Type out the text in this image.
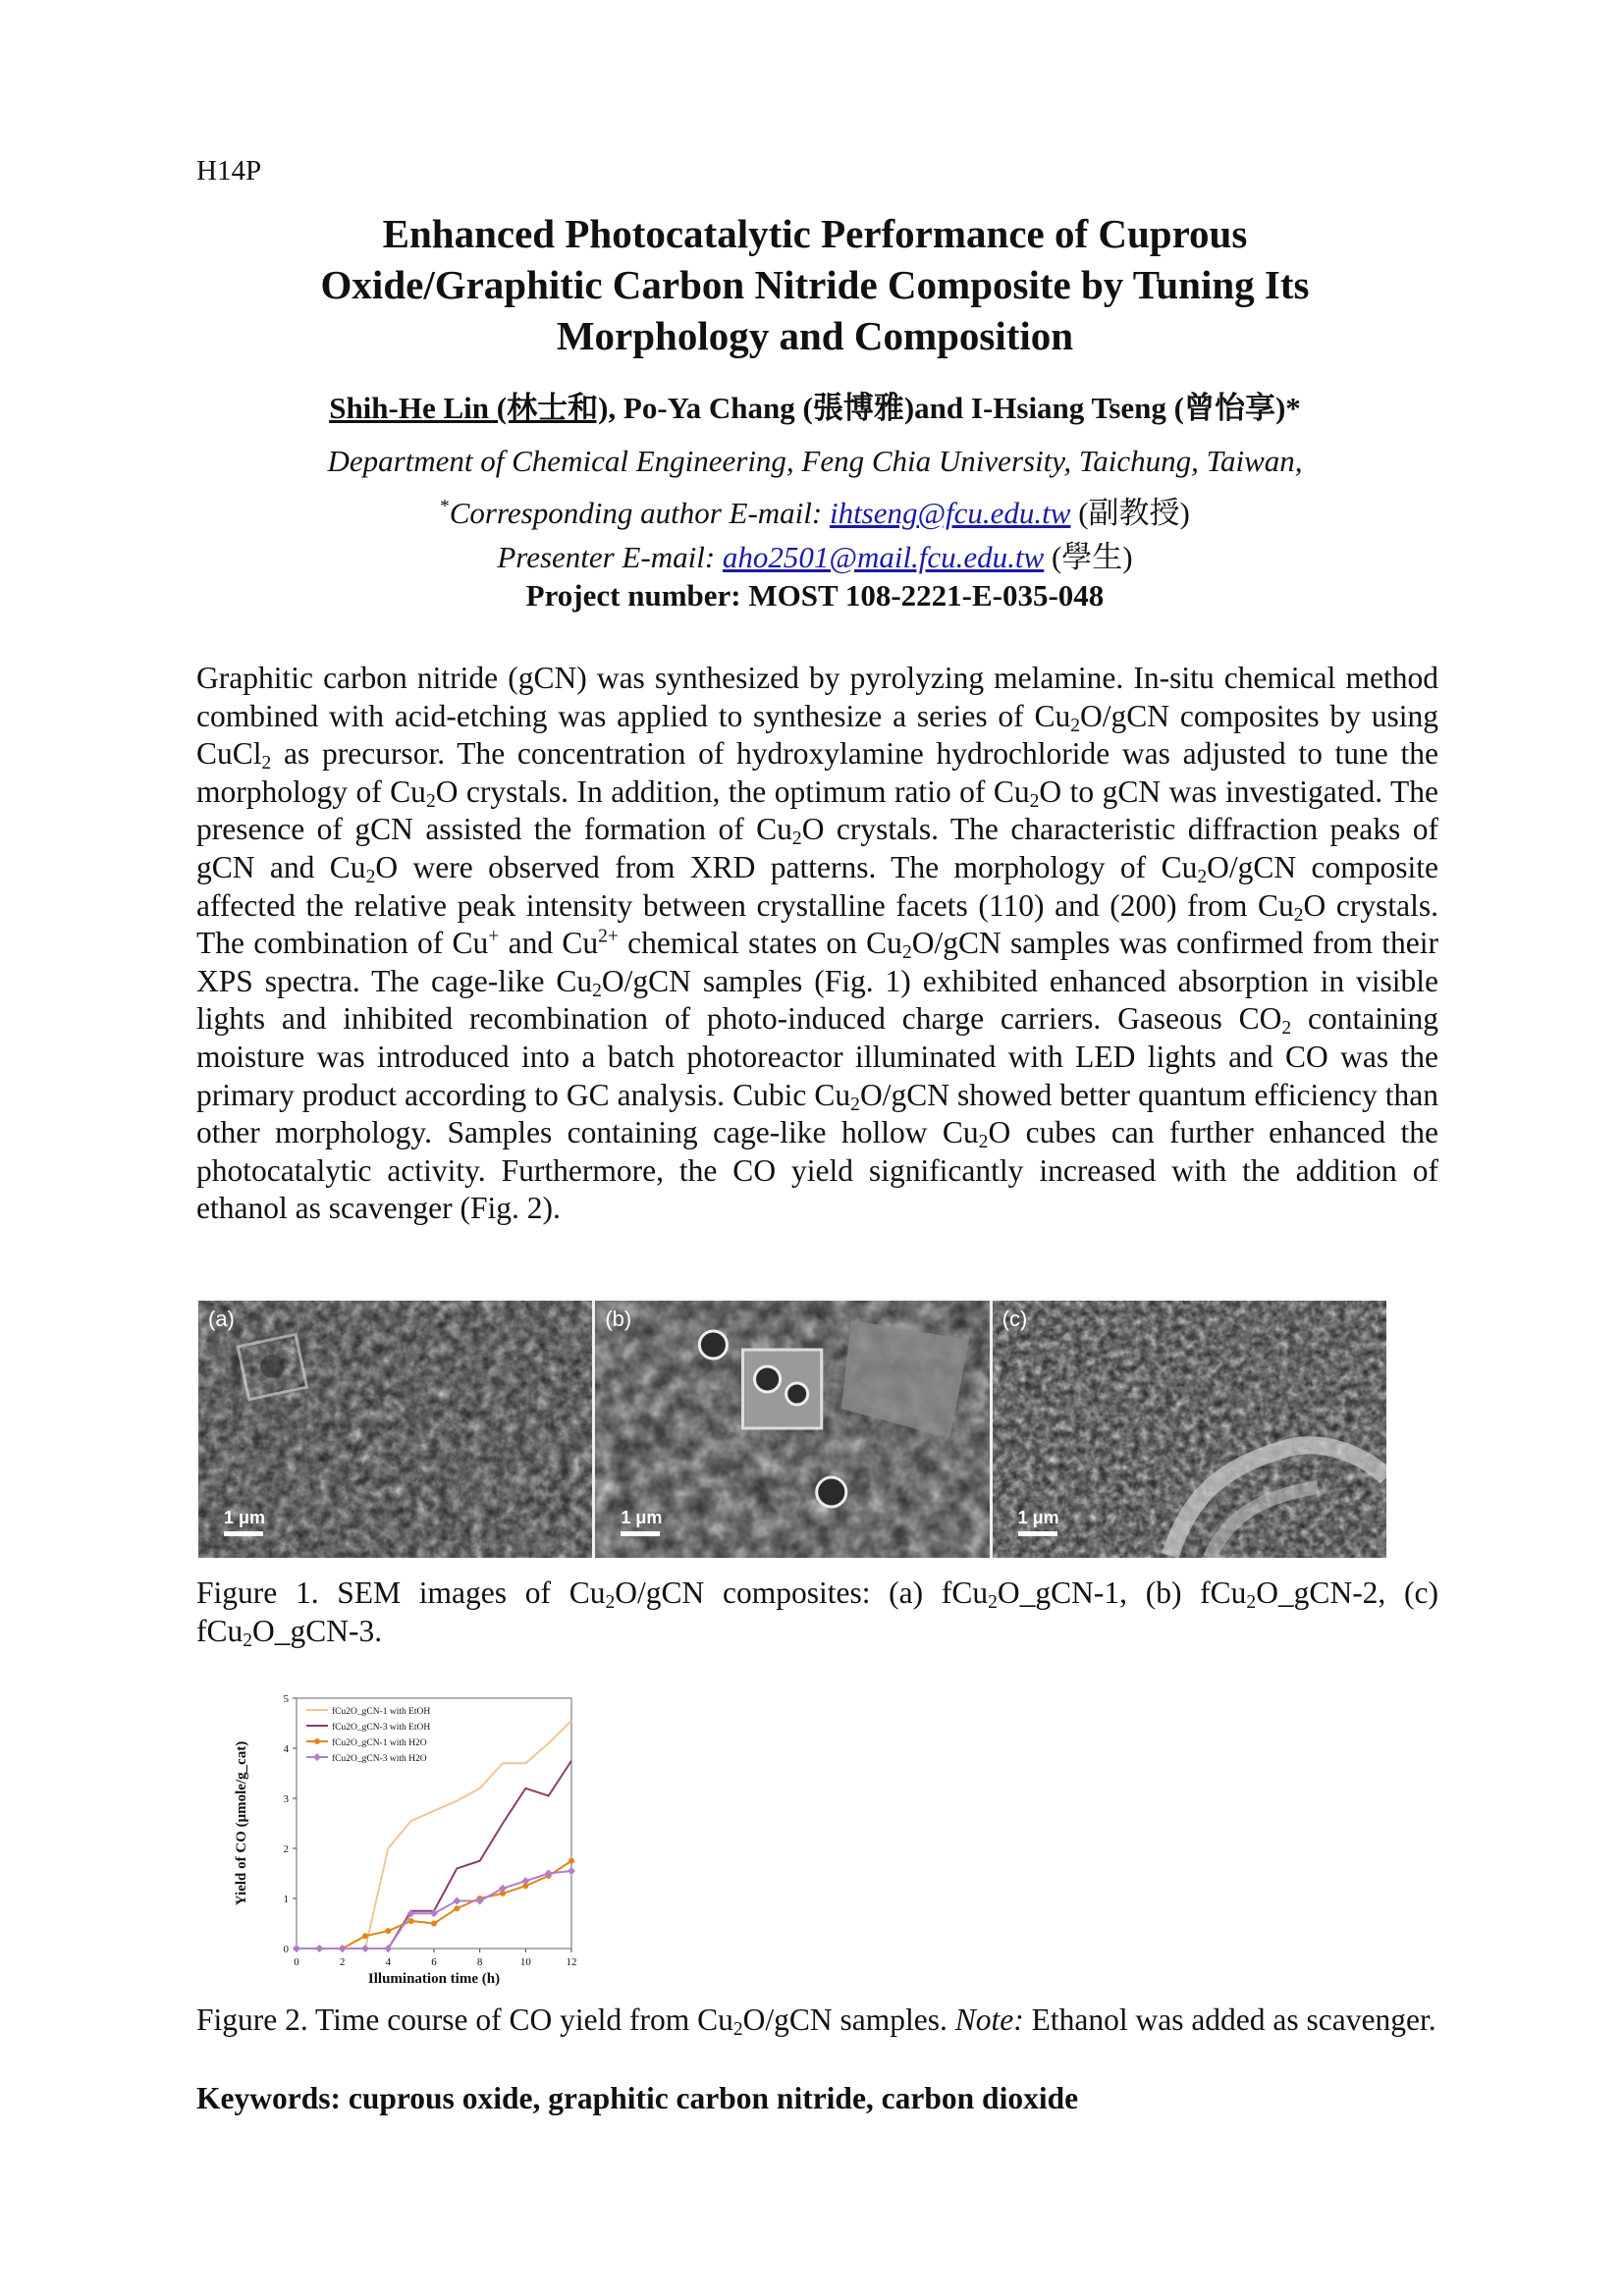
H14P
Enhanced Photocatalytic Performance of Cuprous
Oxide/Graphitic Carbon Nitride Composite by Tuning Its
Morphology and Composition
Shih-He Lin (林士和), Po-Ya Chang (張博雅)and I-Hsiang Tseng (曾怡享)*
Department of Chemical Engineering, Feng Chia University, Taichung, Taiwan,
*Corresponding author E-mail: ihtseng@fcu.edu.tw (副教授)
Presenter E-mail: aho2501@mail.fcu.edu.tw (學生)
Project number: MOST 108-2221-E-035-048
Graphitic carbon nitride (gCN) was synthesized by pyrolyzing melamine. In-situ chemical method combined with acid-etching was applied to synthesize a series of $Cu_2O$/gCN composites by using CuCl$_2$ as precursor. The concentration of hydroxylamine hydrochloride was adjusted to tune the morphology of $Cu_2O$ crystals. In addition, the optimum ratio of $Cu_2O$ to gCN was investigated. The presence of gCN assisted the formation of $Cu_2O$ crystals. The characteristic diffraction peaks of gCN and $Cu_2O$ were observed from XRD patterns. The morphology of $Cu_2O$/gCN composite affected the relative peak intensity between crystalline facets (110) and (200) from $Cu_2O$ crystals. The combination of Cu+ and $Cu^{2+}$ chemical states on $Cu_2O$/gCN samples was confirmed from their XPS spectra. The cage-like $Cu_2O$/gCN samples (Fig. 1) exhibited enhanced absorption in visible lights and inhibited recombination of photo-induced charge carriers. Gaseous $CO_2$ containing moisture was introduced into a batch photoreactor illuminated with LED lights and CO was the primary product according to GC analysis. Cubic $Cu_2O$/gCN showed better quantum efficiency than other morphology. Samples containing cage-like hollow $Cu_2O$ cubes can further enhanced the photocatalytic activity. Furthermore, the CO yield significantly increased with the addition of ethanol as scavenger (Fig. 2).
(a)
1 μm
(b)
1 μm
(c)
1 μm
Figure 1. SEM images of $Cu_2O$/gCN composites: (a) fCu$_2$O_gCN-1, (b) fCu$_2$O_gCN-2, (c) fCu$_2$O_gCN-3.
0
1
2
3
4
5
0	2	4	6	8	10	12
Illumination time (h)
Yield of CO (μmole/g_cat)
fCu2O_gCN-1 with EtOH
fCu2O_gCN-3 with EtOH
fCu2O_gCN-1 with H2O
fCu2O_gCN-3 with H2O
Figure 2. Time course of CO yield from $Cu_2O$/gCN samples. Note: Ethanol was added as scavenger.
Keywords: cuprous oxide, graphitic carbon nitride, carbon dioxide
